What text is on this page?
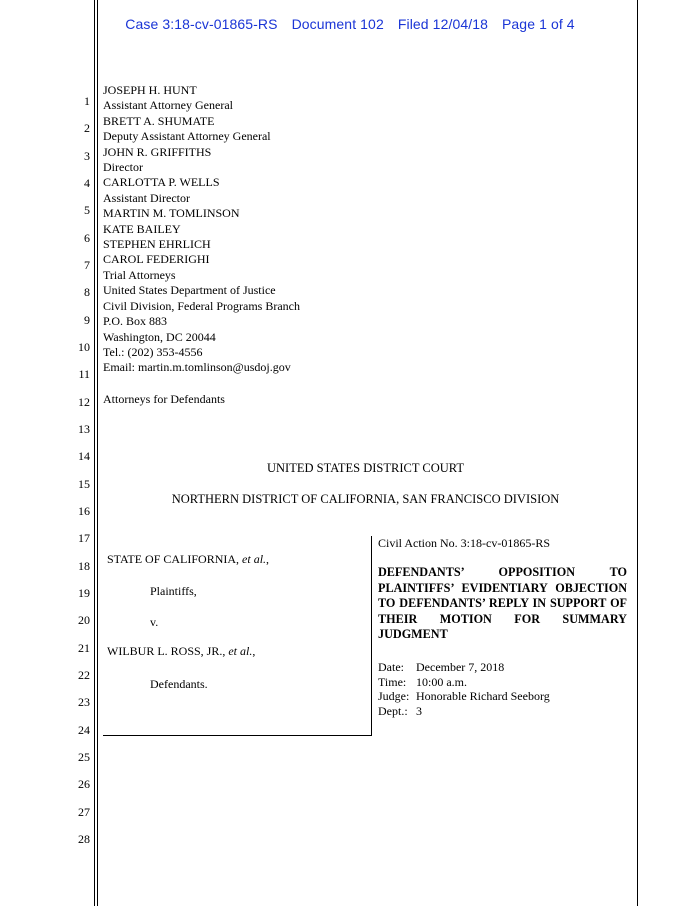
Case 3:18-cv-01865-RS Document 102 Filed 12/04/18 Page 1 of 4
1
2
3
4
5
6
7
8
9
10
11
12
13
14
15
16
17
18
19
20
21
22
23
24
25
26
27
28
JOSEPH H. HUNT
Assistant Attorney General
BRETT A. SHUMATE
Deputy Assistant Attorney General
JOHN R. GRIFFITHS
Director
CARLOTTA P. WELLS
Assistant Director
MARTIN M. TOMLINSON
KATE BAILEY
STEPHEN EHRLICH
CAROL FEDERIGHI
Trial Attorneys
United States Department of Justice
Civil Division, Federal Programs Branch
P.O. Box 883
Washington, DC 20044
Tel.: (202) 353-4556
Email: martin.m.tomlinson@usdoj.gov
Attorneys for Defendants
UNITED STATES DISTRICT COURT
NORTHERN DISTRICT OF CALIFORNIA, SAN FRANCISCO DIVISION
STATE OF CALIFORNIA, et al.,
Plaintiffs,
v.
WILBUR L. ROSS, JR., et al.,
Defendants.
Civil Action No. 3:18-cv-01865-RS
DEFENDANTS’ OPPOSITION TO PLAINTIFFS’ EVIDENTIARY OBJECTION TO DEFENDANTS’ REPLY IN SUPPORT OF THEIR MOTION FOR SUMMARY JUDGMENT
Date: December 7, 2018
Time: 10:00 a.m.
Judge: Honorable Richard Seeborg
Dept.: 3
